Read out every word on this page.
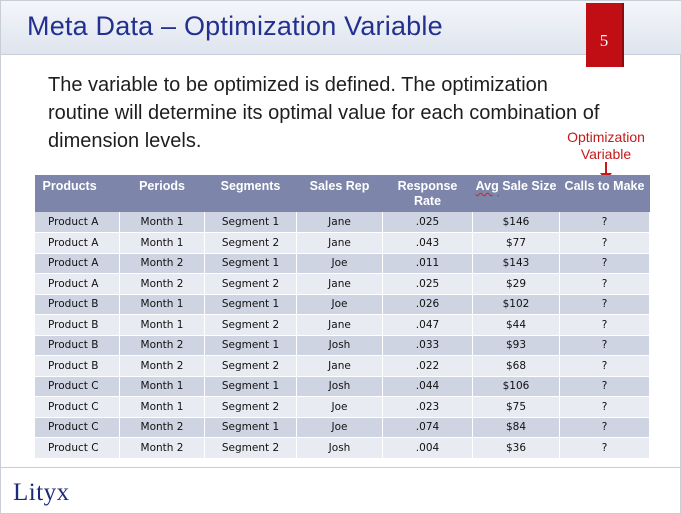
Meta Data – Optimization Variable	5
The variable to be optimized is defined. The optimization routine will determine its optimal value for each combination of dimension levels.	Optimization Variable
Products	Periods	Segments	Sales Rep	Response Rate	Avg Sale Size	Calls to Make
Product A	Month 1	Segment 1	Jane	.025	$146	?
Product A	Month 1	Segment 2	Jane	.043	$77	?
Product A	Month 2	Segment 1	Joe	.011	$143	?
Product A	Month 2	Segment 2	Jane	.025	$29	?
Product B	Month 1	Segment 1	Joe	.026	$102	?
Product B	Month 1	Segment 2	Jane	.047	$44	?
Product B	Month 2	Segment 1	Josh	.033	$93	?
Product B	Month 2	Segment 2	Jane	.022	$68	?
Product C	Month 1	Segment 1	Josh	.044	$106	?
Product C	Month 1	Segment 2	Joe	.023	$75	?
Product C	Month 2	Segment 1	Joe	.074	$84	?
Product C	Month 2	Segment 2	Josh	.004	$36	?
Lityx
